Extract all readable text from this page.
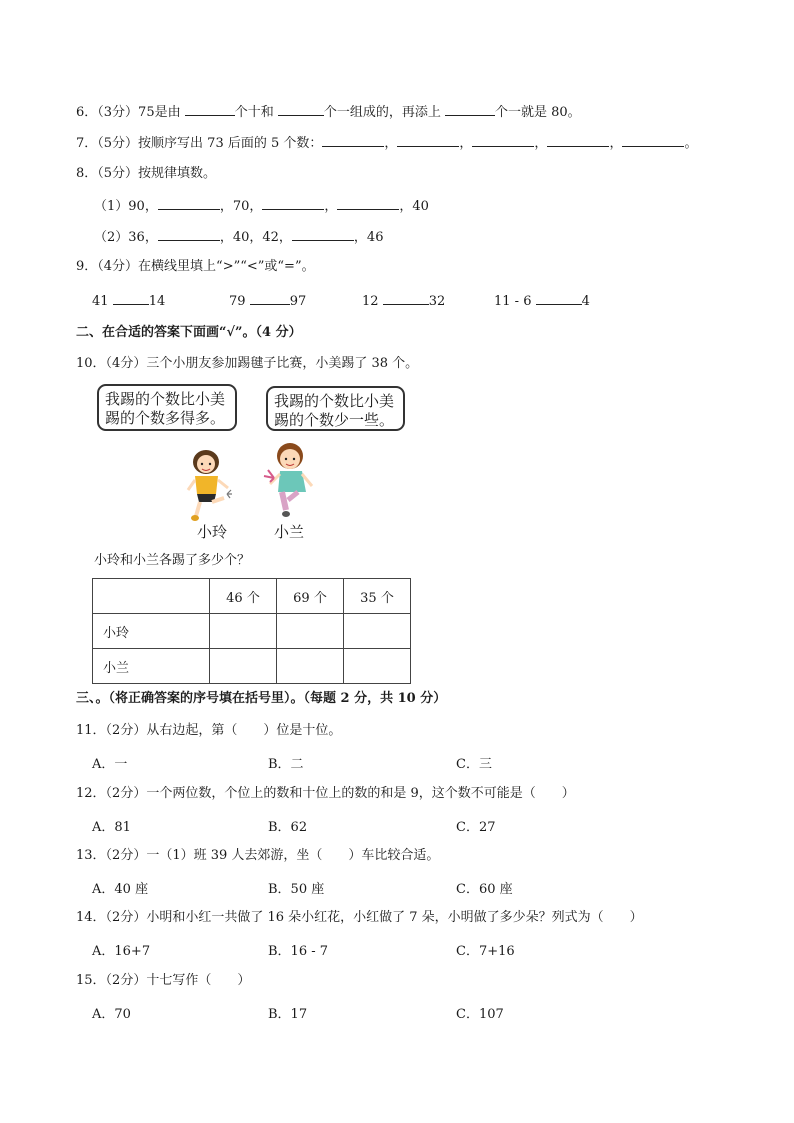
6．（3分）75是由	个十和	个一组成的，再添上	个一就是 80。
7．（5分）按顺序写出 73 后面的 5 个数：	，	，	，	，	。
8．（5分）按规律填数。
（1）90，	，70，	，	，40
（2）36，	，40，42，	，46
9．（4分）在横线里填上“>”“<”或“=”。
41	14	79	97	12	32	11 - 6	4
二、在合适的答案下面画“√”。（4 分）
10．（4分）三个小朋友参加踢毽子比赛，小美踢了 38 个。
我踢的个数比小美
踢的个数多得多。
我踢的个数比小美
踢的个数少一些。
小玲	小兰
小玲和小兰各踢了多少个？
	46 个	69 个	35 个
小玲			
小兰			
三、。（将正确答案的序号填在括号里）。（每题 2 分，共 10 分）
11．（2分）从右边起，第（　　）位是十位。
A．一	B．二	C．三
12．（2分）一个两位数，个位上的数和十位上的数的和是 9，这个数不可能是（　　）
A．81	B．62	C．27
13．（2分）一（1）班 39 人去郊游，坐（　　）车比较合适。
A．40 座	B．50 座	C．60 座
14．（2分）小明和小红一共做了 16 朵小红花，小红做了 7 朵，小明做了多少朵？列式为（　　）
A．16+7	B．16 - 7	C．7+16
15．（2分）十七写作（　　）
A．70	B．17	C．107
